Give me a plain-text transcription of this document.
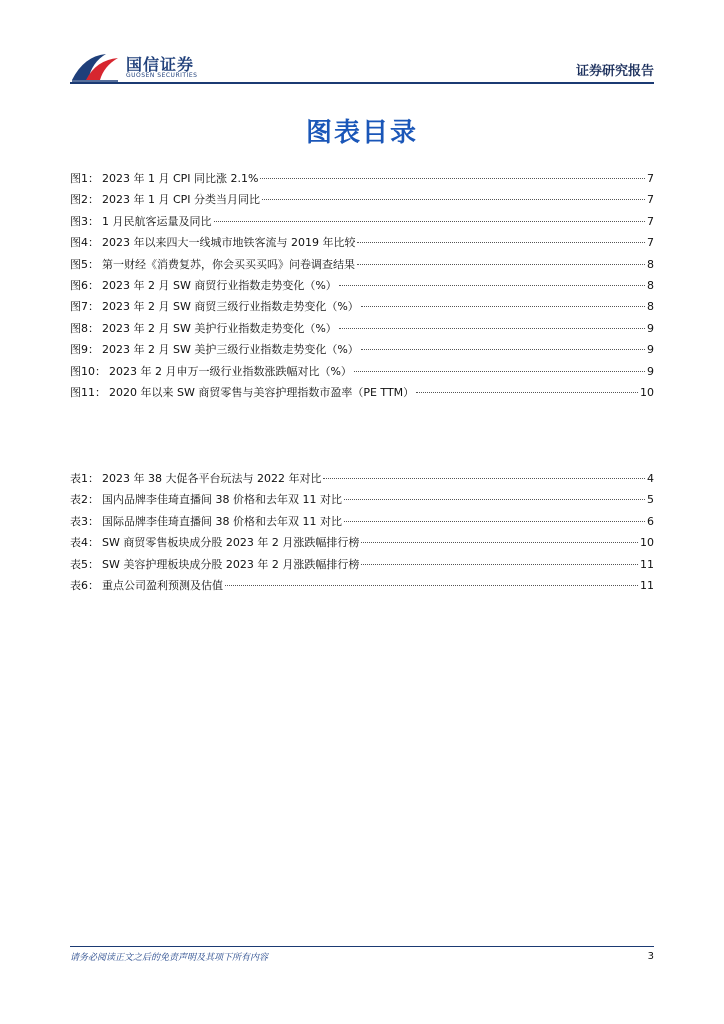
国信证券
GUOSEN SECURITIES	证券研究报告
图表目录
图1： 2023 年 1 月 CPI 同比涨 2.1%	7
图2： 2023 年 1 月 CPI 分类当月同比	7
图3： 1 月民航客运量及同比	7
图4： 2023 年以来四大一线城市地铁客流与 2019 年比较	7
图5： 第一财经《消费复苏，你会买买买吗》问卷调查结果	8
图6： 2023 年 2 月 SW 商贸行业指数走势变化（%）	8
图7： 2023 年 2 月 SW 商贸三级行业指数走势变化（%）	8
图8： 2023 年 2 月 SW 美护行业指数走势变化（%）	9
图9： 2023 年 2 月 SW 美护三级行业指数走势变化（%）	9
图10： 2023 年 2 月申万一级行业指数涨跌幅对比（%）	9
图11： 2020 年以来 SW 商贸零售与美容护理指数市盈率（PE TTM）	10
表1： 2023 年 38 大促各平台玩法与 2022 年对比	4
表2： 国内品牌李佳琦直播间 38 价格和去年双 11 对比	5
表3： 国际品牌李佳琦直播间 38 价格和去年双 11 对比	6
表4： SW 商贸零售板块成分股 2023 年 2 月涨跌幅排行榜	10
表5： SW 美容护理板块成分股 2023 年 2 月涨跌幅排行榜	11
表6： 重点公司盈利预测及估值	11
请务必阅读正文之后的免责声明及其项下所有内容	3
